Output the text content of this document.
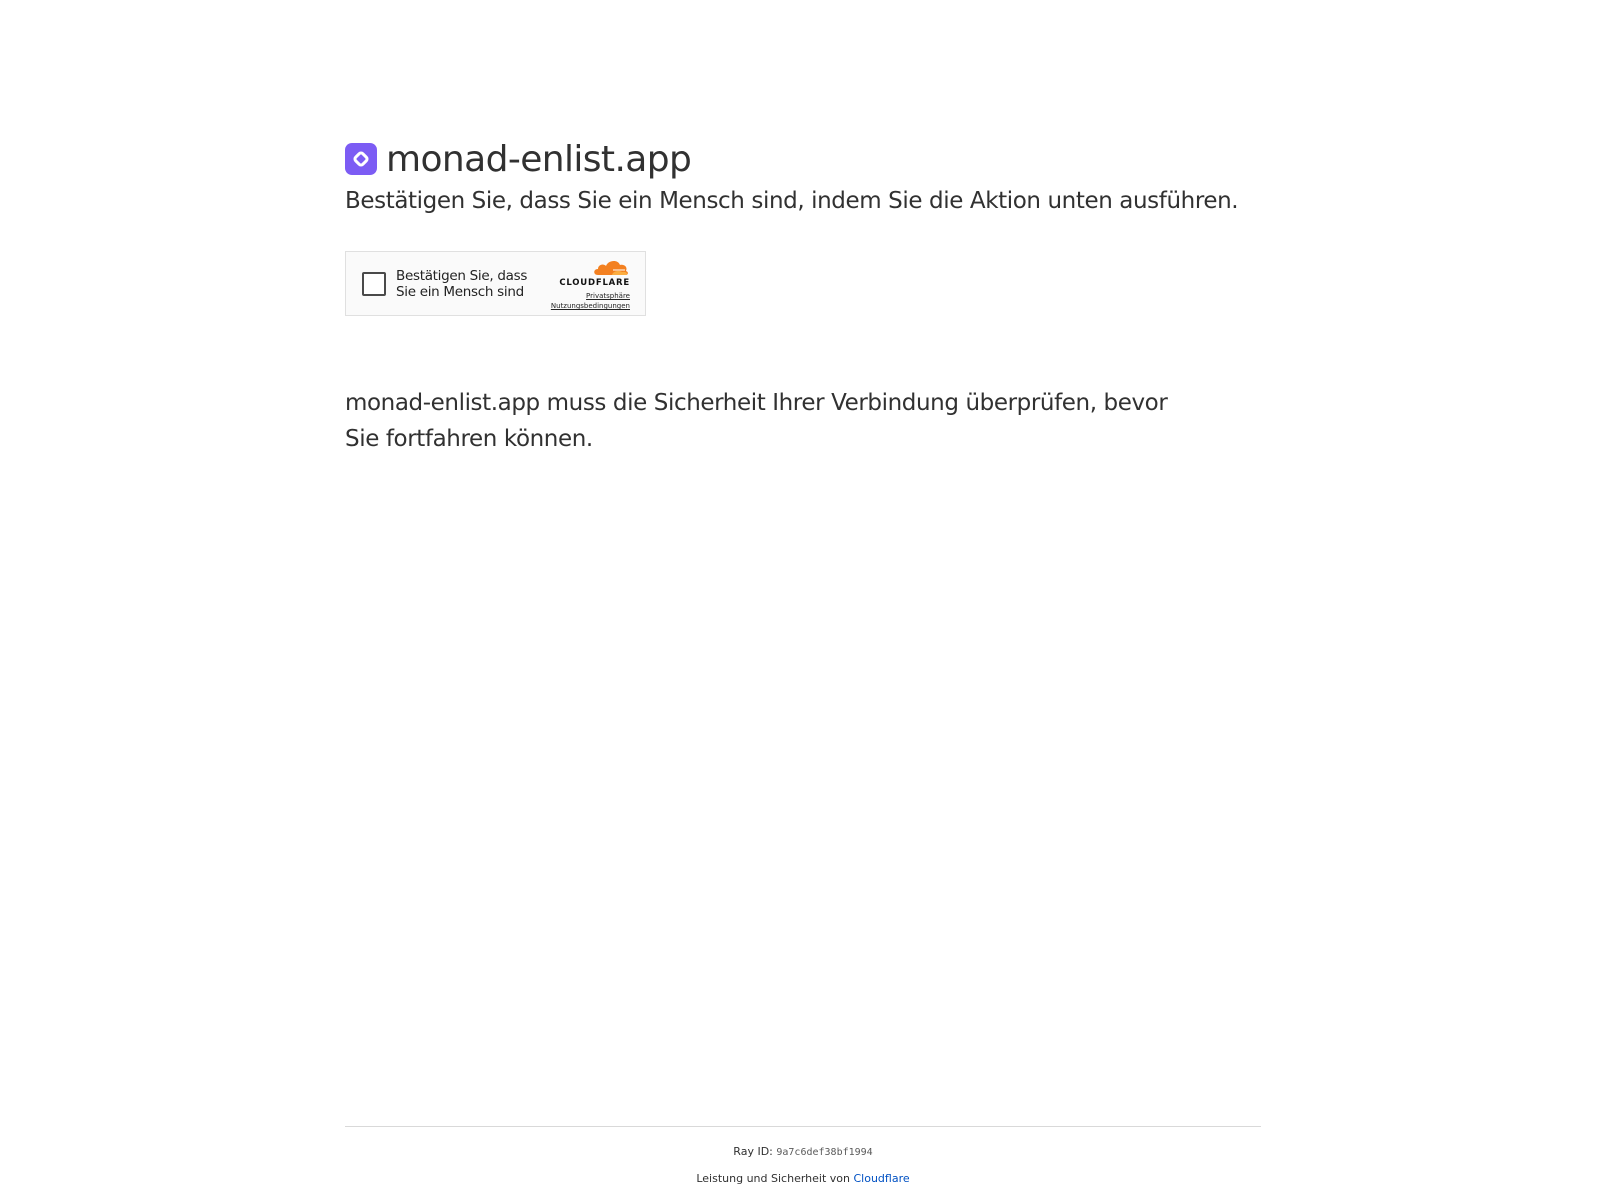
monad-enlist.app

Bestätigen Sie, dass Sie ein Mensch sind, indem Sie die Aktion unten ausführen.

Bestätigen Sie, dass Sie ein Mensch sind
CLOUDFLARE
Privatsphäre
Nutzungsbedingungen

monad-enlist.app muss die Sicherheit Ihrer Verbindung überprüfen, bevor Sie fortfahren können.

Ray ID: 9a7c6def38bf1994
Leistung und Sicherheit von Cloudflare
